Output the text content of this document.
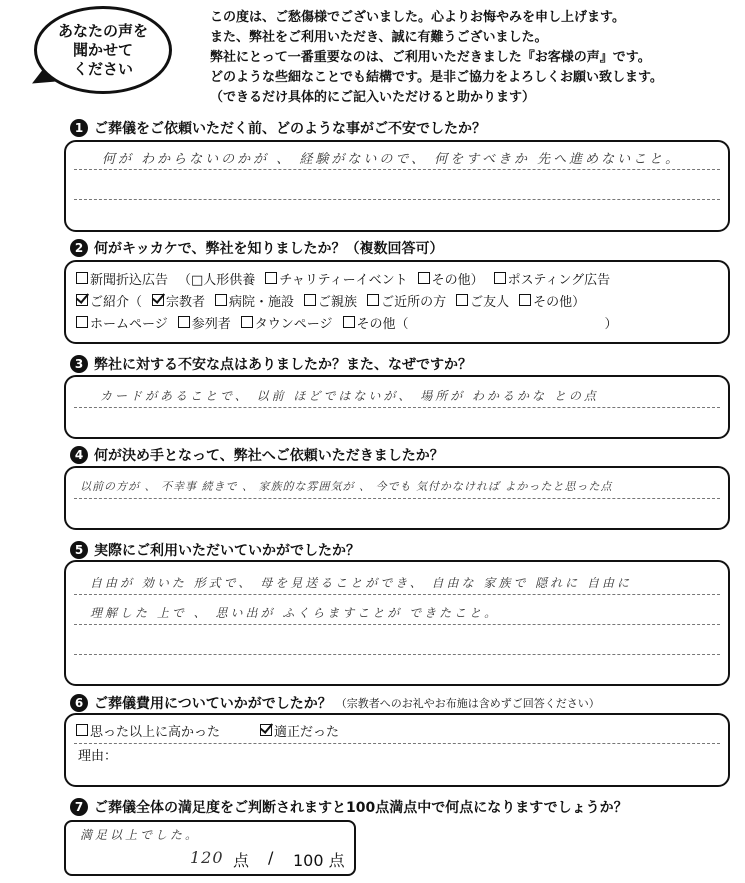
あなたの声を
聞かせて
ください
この度は、ご愁傷様でございました。心よりお悔やみを申し上げます。
また、弊社をご利用いただき、誠に有難うございました。
弊社にとって一番重要なのは、ご利用いただきました『お客様の声』です。
どのような些細なことでも結構です。是非ご協力をよろしくお願い致します。
（できるだけ具体的にご記入いただけると助かります）
1 ご葬儀をご依頼いただく前、どのような事がご不安でしたか？
何が わからないのかが 、 経験がないので、 何をすべきか 先へ進めないこと。
2 何がキッカケで、弊社を知りましたか？（複数回答可）
新聞折込広告 （□人形供養 チャリティーイベント その他） ポスティング広告
ご紹介（ 宗教者 病院・施設 ご親族 ご近所の方 ご友人 その他）
ホームページ 参列者 タウンページ その他（	）
3 弊社に対する不安な点はありましたか？また、なぜですか？
カードがあることで、 以前 ほどではないが、 場所が わかるかな との点
4 何が決め手となって、弊社へご依頼いただきましたか？
以前の方が 、 不幸事 続きで 、 家族的な雰囲気が 、 今でも 気付かなければ よかったと思った点
5 実際にご利用いただいていかがでしたか？
自由が 効いた 形式で、 母を見送ることができ、 自由な 家族で 隠れに 自由に
理解した 上で 、 思い出が ふくらますことが できたこと。
6 ご葬儀費用についていかがでしたか？ （宗教者へのお礼やお布施は含めずご回答ください）
思った以上に高かった	適正だった
理由：
7 ご葬儀全体の満足度をご判断されますと100点満点中で何点になりますでしょうか？
満足以上でした。
120 点 / 100 点
